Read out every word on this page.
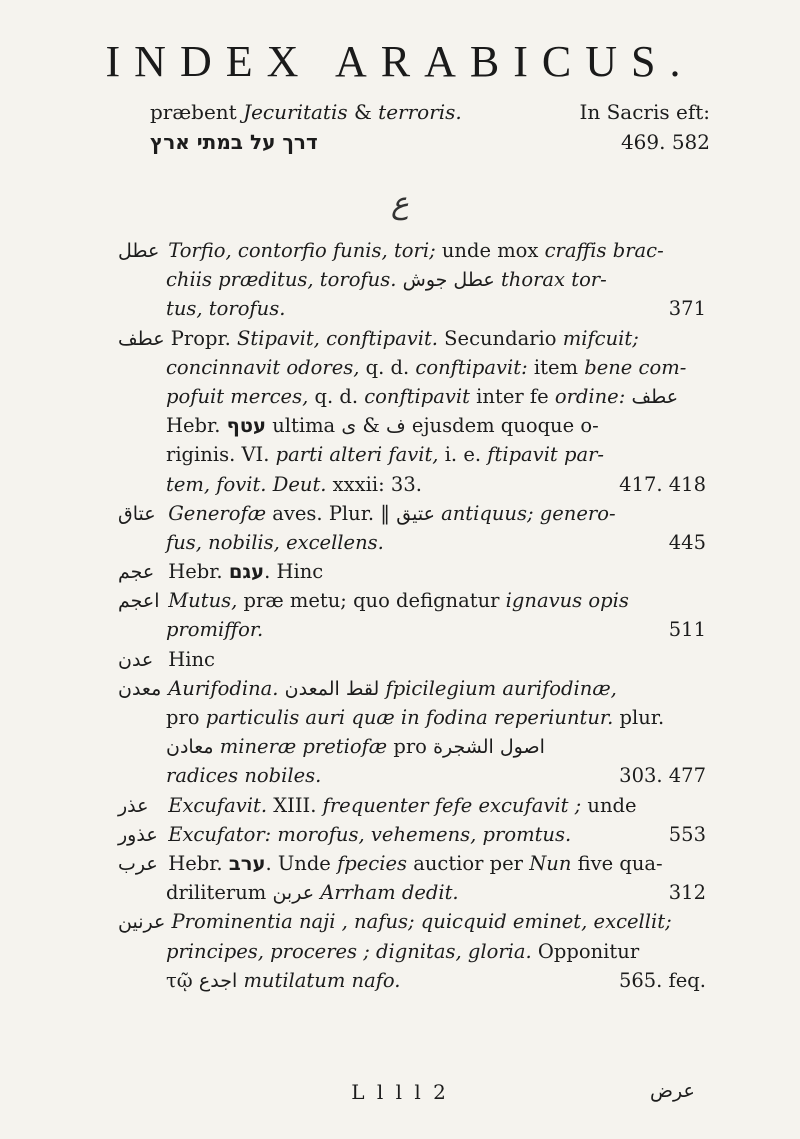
INDEX ARABICUS.
præbent Jecuritatis & terroris.	In Sacris eft:
דרך על במתי ארץ	469. 582
ع
عطل Torfio, contorfio funis, tori; unde mox craffis brac-
chiis præditus, torofus. عطل جوش thorax tor-
tus, torofus.	371
عطف Propr. Stipavit, conftipavit. Secundario mifcuit;
concinnavit odores, q. d. conftipavit: item bene com-
pofuit merces, q. d. conftipavit inter fe ordine: عطف
Hebr. עטף ultima ف & ى	ejusdem quoque o-
riginis. VI. parti alteri favit, i. e. ftipavit par-
tem, fovit. Deut. xxxii: 33.	417. 418
عتاق Generofæ aves. Plur. ‖ عتيق antiquus; genero-
fus, nobilis, excellens.	445
عجم Hebr. עגם. Hinc
اعجم Mutus, præ metu; quo defignatur ignavus opis
promiffor.	511
عدن Hinc
معدن Aurifodina. لقط المعدن fpicilegium aurifodinæ,
pro particulis auri quæ in fodina reperiuntur. plur.
معادن mineræ pretiofæ pro اصول الشجرة
radices nobiles.	303. 477
عذر Excufavit. XIII. frequenter fefe excufavit ; unde
عذور Excufator: morofus, vehemens, promtus.	553
عرب Hebr. ערב. Unde fpecies auctior per Nun five qua-
driliterum عربن Arrham dedit.	312
عرنين Prominentia naji , nafus; quicquid eminet, excellit;
principes, proceres ; dignitas, gloria. Opponitur
τῷ اجدع mutilatum nafo.	565. feq.
L l l l 2	عرض
